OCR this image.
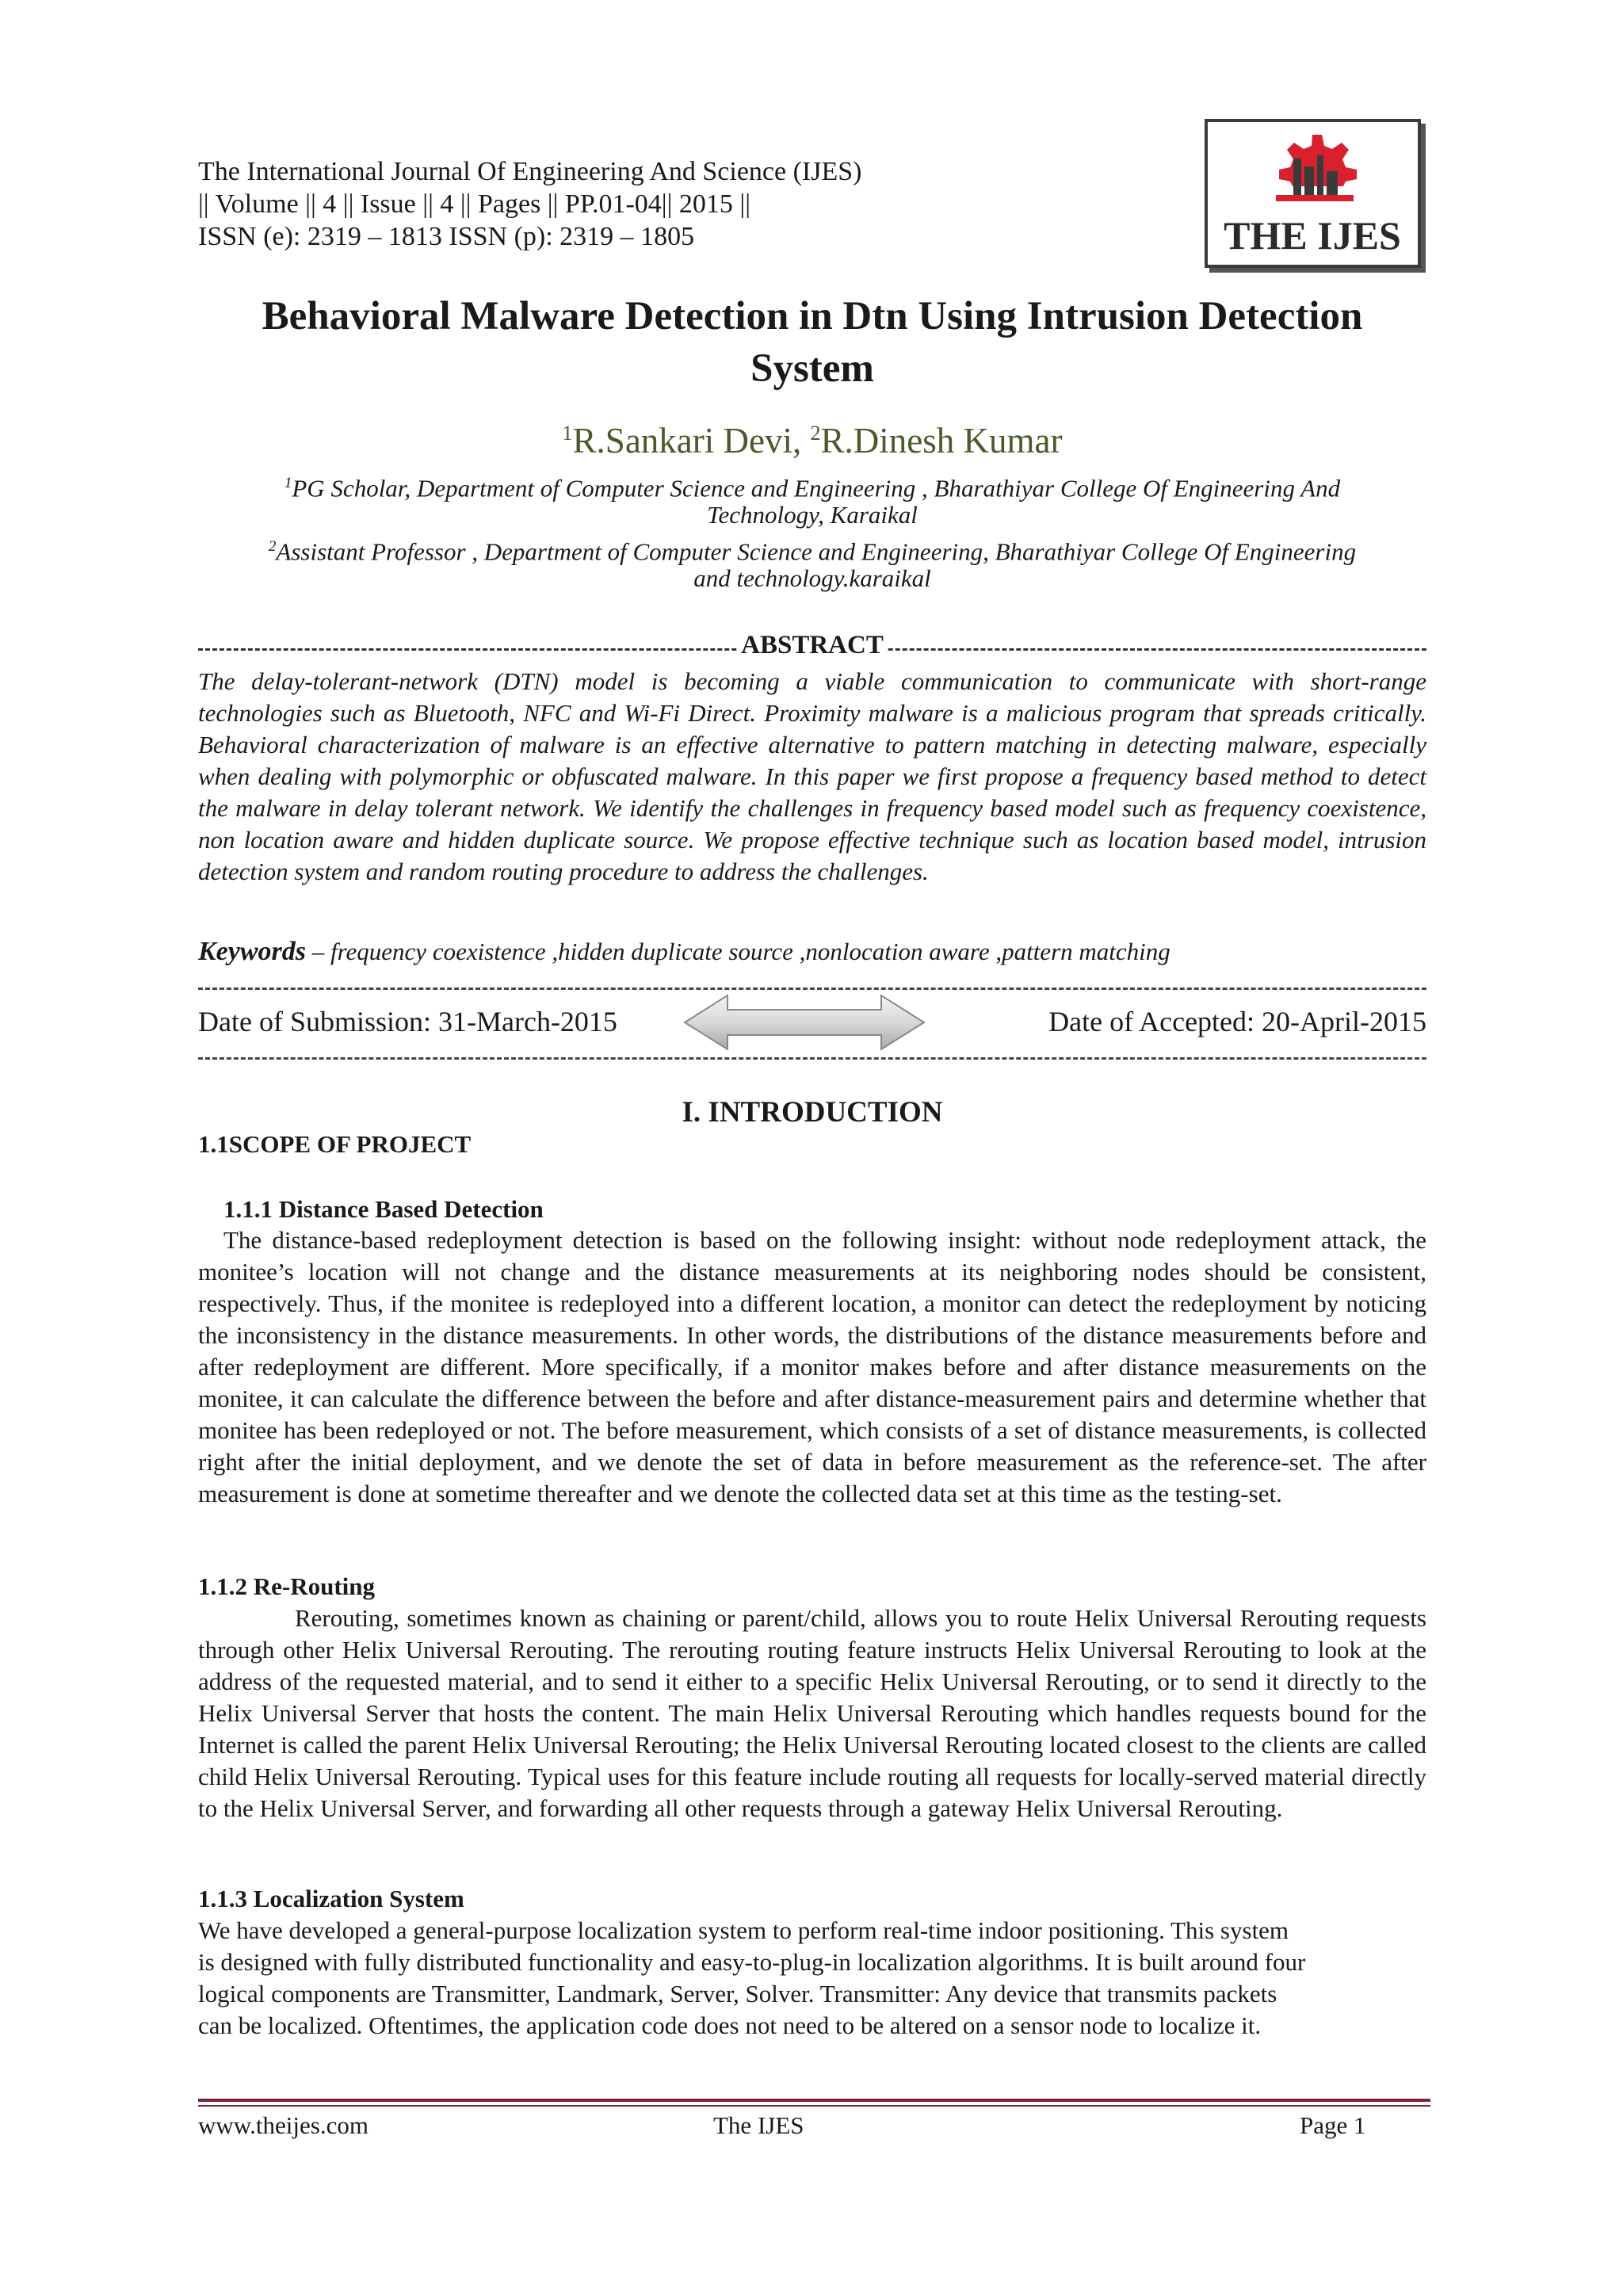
The International Journal Of Engineering And Science (IJES)
|| Volume || 4 || Issue || 4 || Pages || PP.01-04|| 2015 ||
ISSN (e): 2319 – 1813 ISSN (p): 2319 – 1805	THE IJES
Behavioral Malware Detection in Dtn Using Intrusion Detection System
$^1$R.Sankari Devi, $^2$R.Dinesh Kumar
$^1$PG Scholar, Department of Computer Science and Engineering , Bharathiyar College Of Engineering And
Technology, Karaikal
$^2$Assistant Professor , Department of Computer Science and Engineering, Bharathiyar College Of Engineering
and technology.karaikal
ABSTRACT
The delay-tolerant-network (DTN) model is becoming a viable communication to communicate with short-range technologies such as Bluetooth, NFC and Wi-Fi Direct. Proximity malware is a malicious program that spreads critically. Behavioral characterization of malware is an effective alternative to pattern matching in detecting malware, especially when dealing with polymorphic or obfuscated malware. In this paper we first propose a frequency based method to detect the malware in delay tolerant network. We identify the challenges in frequency based model such as frequency coexistence, non location aware and hidden duplicate source. We propose effective technique such as location based model, intrusion detection system and random routing procedure to address the challenges.
Keywords – frequency coexistence ,hidden duplicate source ,nonlocation aware ,pattern matching
Date of Submission: 31-March-2015	Date of Accepted: 20-April-2015
I. INTRODUCTION
1.1SCOPE OF PROJECT
1.1.1 Distance Based Detection
The distance-based redeployment detection is based on the following insight: without node redeployment attack, the monitee’s location will not change and the distance measurements at its neighboring nodes should be consistent, respectively. Thus, if the monitee is redeployed into a different location, a monitor can detect the redeployment by noticing the inconsistency in the distance measurements. In other words, the distributions of the distance measurements before and after redeployment are different. More specifically, if a monitor makes before and after distance measurements on the monitee, it can calculate the difference between the before and after distance-measurement pairs and determine whether that monitee has been redeployed or not. The before measurement, which consists of a set of distance measurements, is collected right after the initial deployment, and we denote the set of data in before measurement as the reference-set. The after measurement is done at sometime thereafter and we denote the collected data set at this time as the testing-set.
1.1.2 Re-Routing
Rerouting, sometimes known as chaining or parent/child, allows you to route Helix Universal Rerouting requests through other Helix Universal Rerouting. The rerouting routing feature instructs Helix Universal Rerouting to look at the address of the requested material, and to send it either to a specific Helix Universal Rerouting, or to send it directly to the Helix Universal Server that hosts the content. The main Helix Universal Rerouting which handles requests bound for the Internet is called the parent Helix Universal Rerouting; the Helix Universal Rerouting located closest to the clients are called child Helix Universal Rerouting. Typical uses for this feature include routing all requests for locally-served material directly to the Helix Universal Server, and forwarding all other requests through a gateway Helix Universal Rerouting.
1.1.3 Localization System
We have developed a general-purpose localization system to perform real-time indoor positioning. This system
is designed with fully distributed functionality and easy-to-plug-in localization algorithms. It is built around four
logical components are Transmitter, Landmark, Server, Solver. Transmitter: Any device that transmits packets
can be localized. Oftentimes, the application code does not need to be altered on a sensor node to localize it.
www.theijes.com	The IJES	Page 1
